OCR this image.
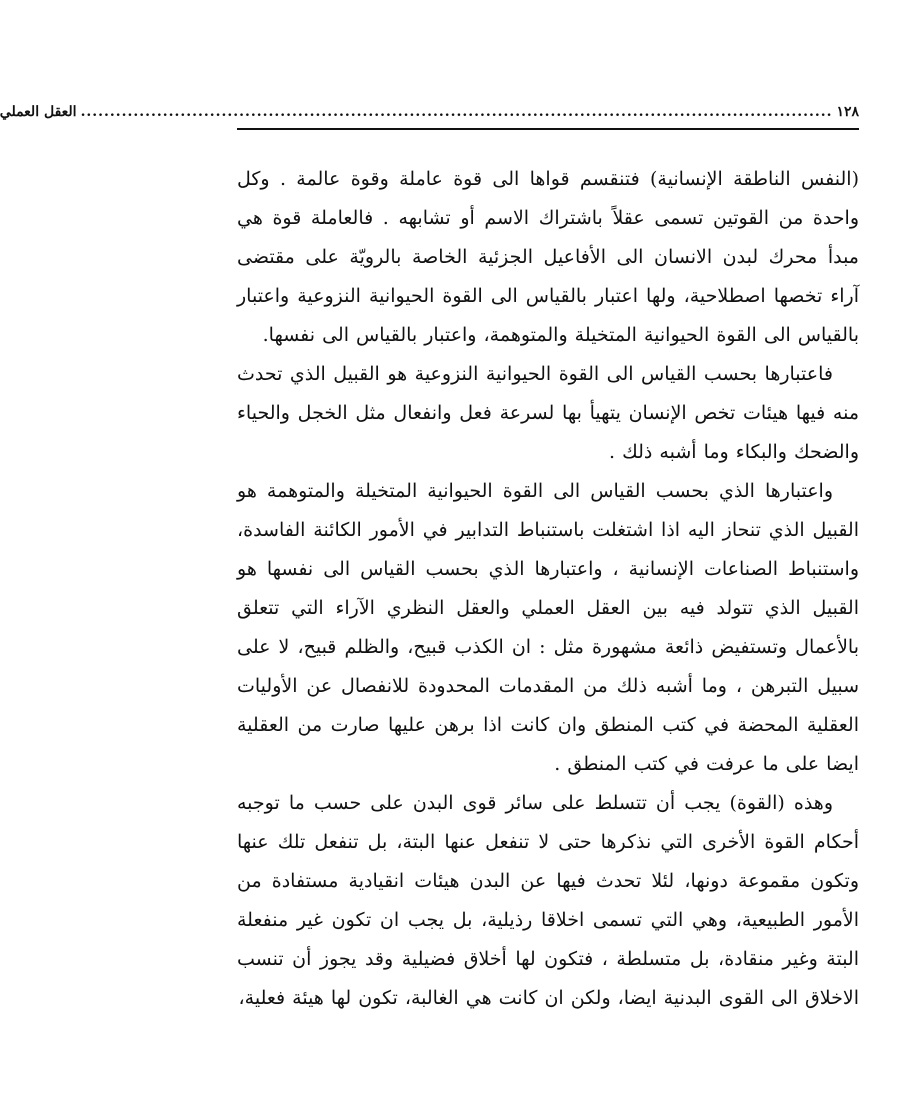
١٢٨
................................................................................................................................
العقل العملي

(النفس الناطقة الإنسانية) فتنقسم قواها الى قوة عاملة وقوة عالمة . وكل واحدة من القوتين تسمى عقلاً باشتراك الاسم أو تشابهه . فالعاملة قوة هي مبدأ محرك لبدن الانسان الى الأفاعيل الجزئية الخاصة بالرويّة على مقتضى آراء تخصها اصطلاحية، ولها اعتبار بالقياس الى القوة الحيوانية النزوعية واعتبار بالقياس الى القوة الحيوانية المتخيلة والمتوهمة، واعتبار بالقياس الى نفسها.

فاعتبارها بحسب القياس الى القوة الحيوانية النزوعية هو القبيل الذي تحدث منه فيها هيئات تخص الإنسان يتهيأ بها لسرعة فعل وانفعال مثل الخجل والحياء والضحك والبكاء وما أشبه ذلك .

واعتبارها الذي بحسب القياس الى القوة الحيوانية المتخيلة والمتوهمة هو القبيل الذي تنحاز اليه اذا اشتغلت باستنباط التدابير في الأمور الكائنة الفاسدة، واستنباط الصناعات الإنسانية ، واعتبارها الذي بحسب القياس الى نفسها هو القبيل الذي تتولد فيه بين العقل العملي والعقل النظري الآراء التي تتعلق بالأعمال وتستفيض ذائعة مشهورة مثل : ان الكذب قبيح، والظلم قبيح، لا على سبيل التبرهن ، وما أشبه ذلك من المقدمات المحدودة للانفصال عن الأوليات العقلية المحضة في كتب المنطق وان كانت اذا برهن عليها صارت من العقلية ايضا على ما عرفت في كتب المنطق .

وهذه (القوة) يجب أن تتسلط على سائر قوى البدن على حسب ما توجبه أحكام القوة الأخرى التي نذكرها حتى لا تنفعل عنها البتة، بل تنفعل تلك عنها وتكون مقموعة دونها، لئلا تحدث فيها عن البدن هيئات انقيادية مستفادة من الأمور الطبيعية، وهي التي تسمى اخلاقا رذيلية، بل يجب ان تكون غير منفعلة البتة وغير منقادة، بل متسلطة ، فتكون لها أخلاق فضيلية وقد يجوز أن تنسب الاخلاق الى القوى البدنية ايضا، ولكن ان كانت هي الغالبة، تكون لها هيئة فعلية،
